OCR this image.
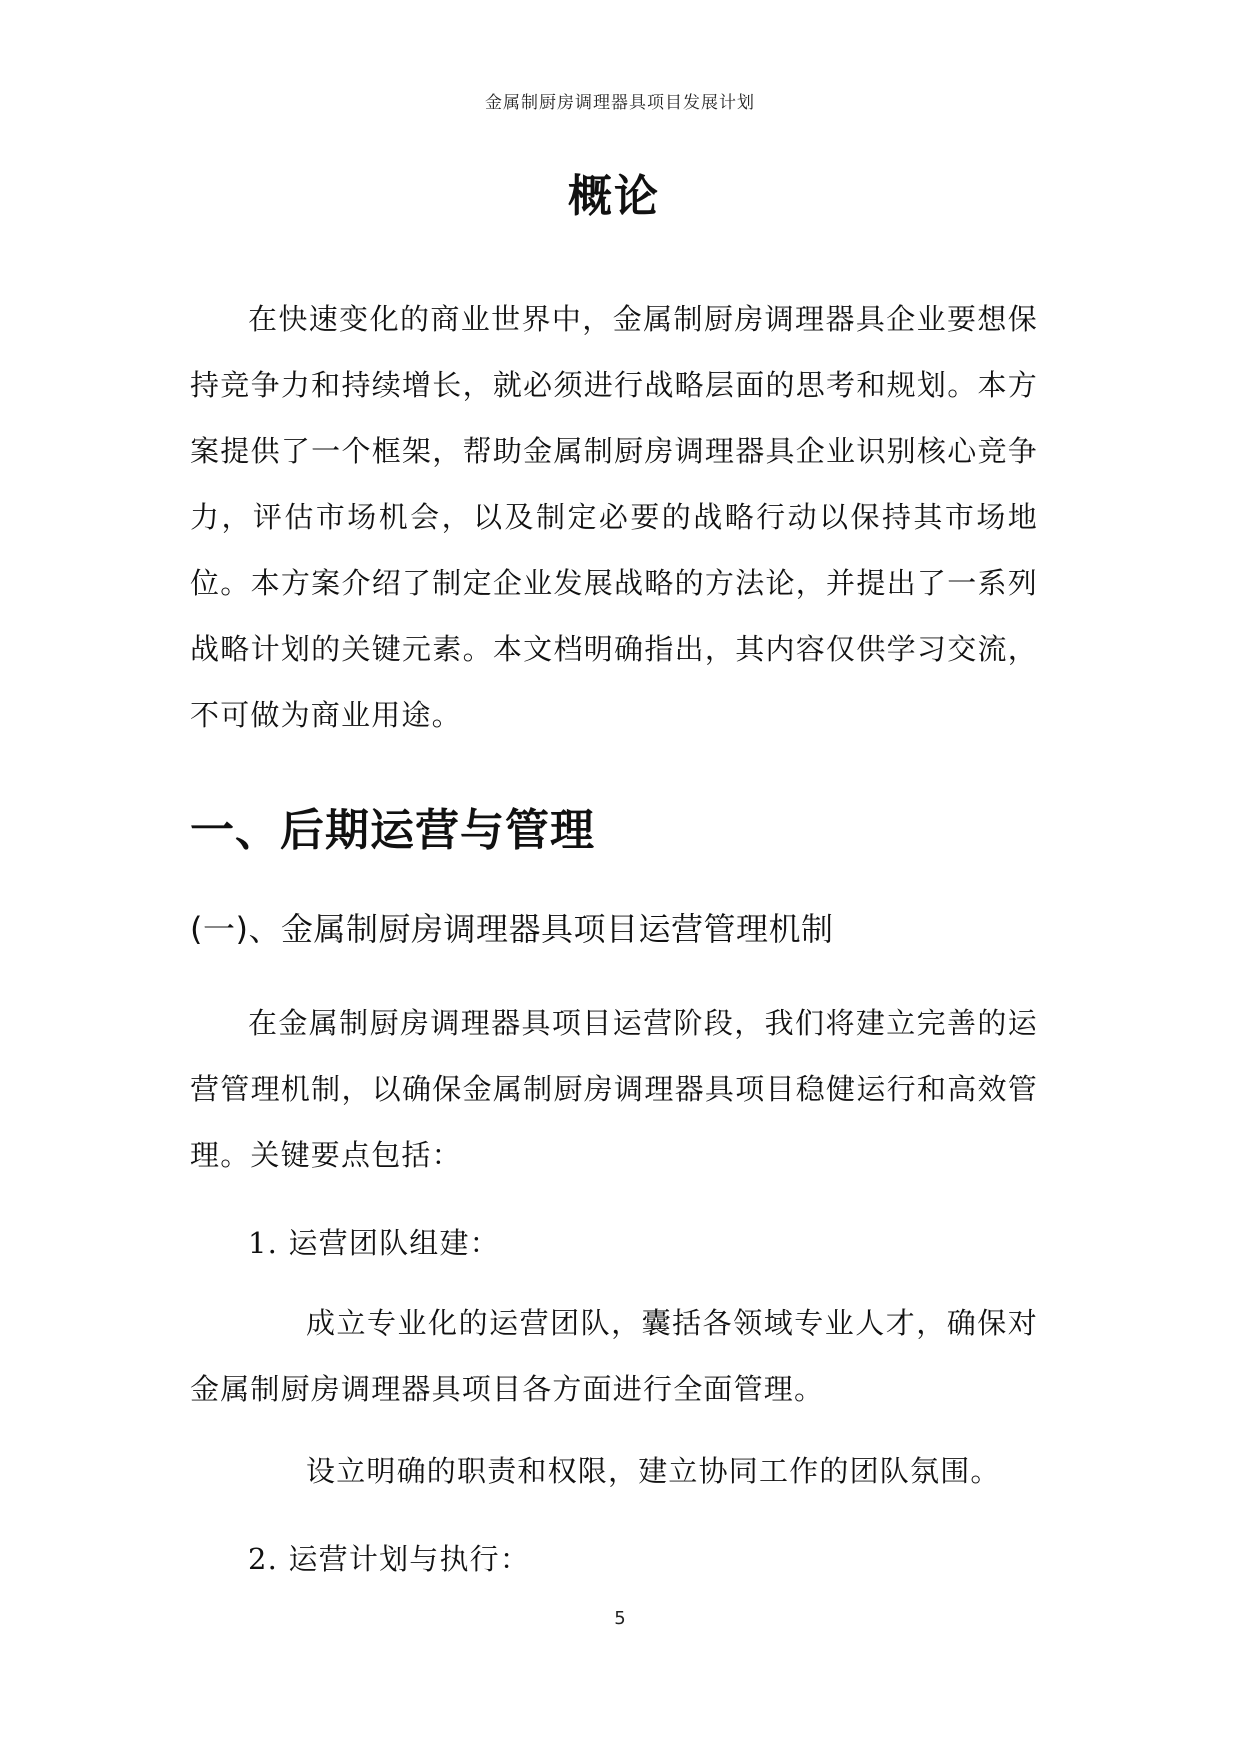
金属制厨房调理器具项目发展计划
概论

在快速变化的商业世界中，金属制厨房调理器具企业要想保持竞争力和持续增长，就必须进行战略层面的思考和规划。本方案提供了一个框架，帮助金属制厨房调理器具企业识别核心竞争力，评估市场机会，以及制定必要的战略行动以保持其市场地位。本方案介绍了制定企业发展战略的方法论，并提出了一系列战略计划的关键元素。本文档明确指出，其内容仅供学习交流，不可做为商业用途。

一、后期运营与管理
(一)、金属制厨房调理器具项目运营管理机制

在金属制厨房调理器具项目运营阶段，我们将建立完善的运营管理机制，以确保金属制厨房调理器具项目稳健运行和高效管理。关键要点包括：

1. 运营团队组建：

成立专业化的运营团队，囊括各领域专业人才，确保对金属制厨房调理器具项目各方面进行全面管理。

设立明确的职责和权限，建立协同工作的团队氛围。

2. 运营计划与执行：
5
